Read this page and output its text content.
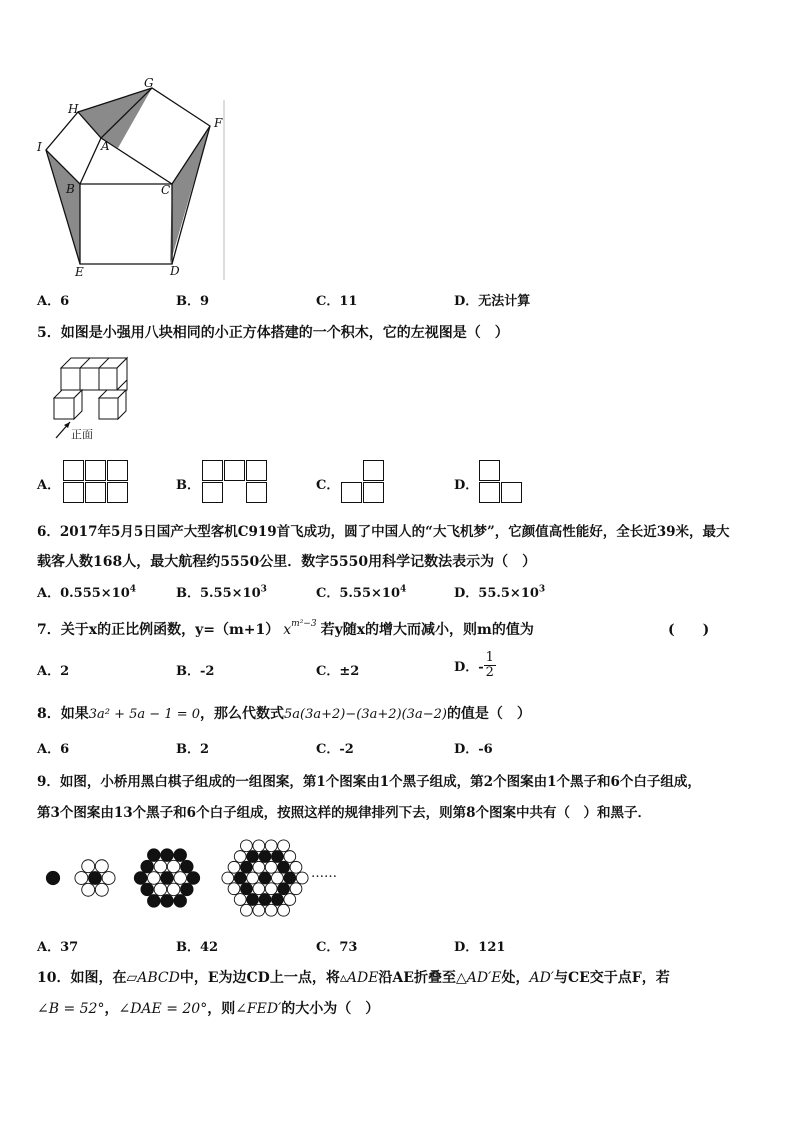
G
H
F
I	A
B	C
E	D
A．6	B．9	C．11	D．无法计算
5．如图是小强用八块相同的小正方体搭建的一个积木，它的左视图是（　）
正面
A．	B．	C．	D．
6．2017年5月5日国产大型客机C919首飞成功，圆了中国人的“大飞机梦”，它颜值高性能好，全长近39米，最大
载客人数168人，最大航程约5550公里．数字5550用科学记数法表示为（　）
A．$0.555\times 10^4$	B．$5.55\times 10^3$	C．$5.55\times 10^4$	D．$55.5\times 10^3$
7．关于x的正比例函数，y=（m+1） $x^{m^2-3}$ 若y随x的增大而减小，则m的值为	(　　)
A．2	B．-2	C．±2	D．- $\frac{1}{2}$
8．如果3a² + 5a − 1 = 0，那么代数式5a(3a+2)−(3a+2)(3a−2)的值是（　）
A．6	B．2	C．-2	D．-6
9．如图，小桥用黑白棋子组成的一组图案，第1个图案由1个黑子组成，第2个图案由1个黑子和6个白子组成，
第3个图案由13个黑子和6个白子组成，按照这样的规律排列下去，则第8个图案中共有（　）和黑子．
……
A．37	B．42	C．73	D．121
10．如图，在▱ABCD中，E为边CD上一点，将▵ADE沿AE折叠至△AD′E处，AD′与CE交于点F，若
∠B = 52°，∠DAE = 20°，则∠FED′的大小为（　）
